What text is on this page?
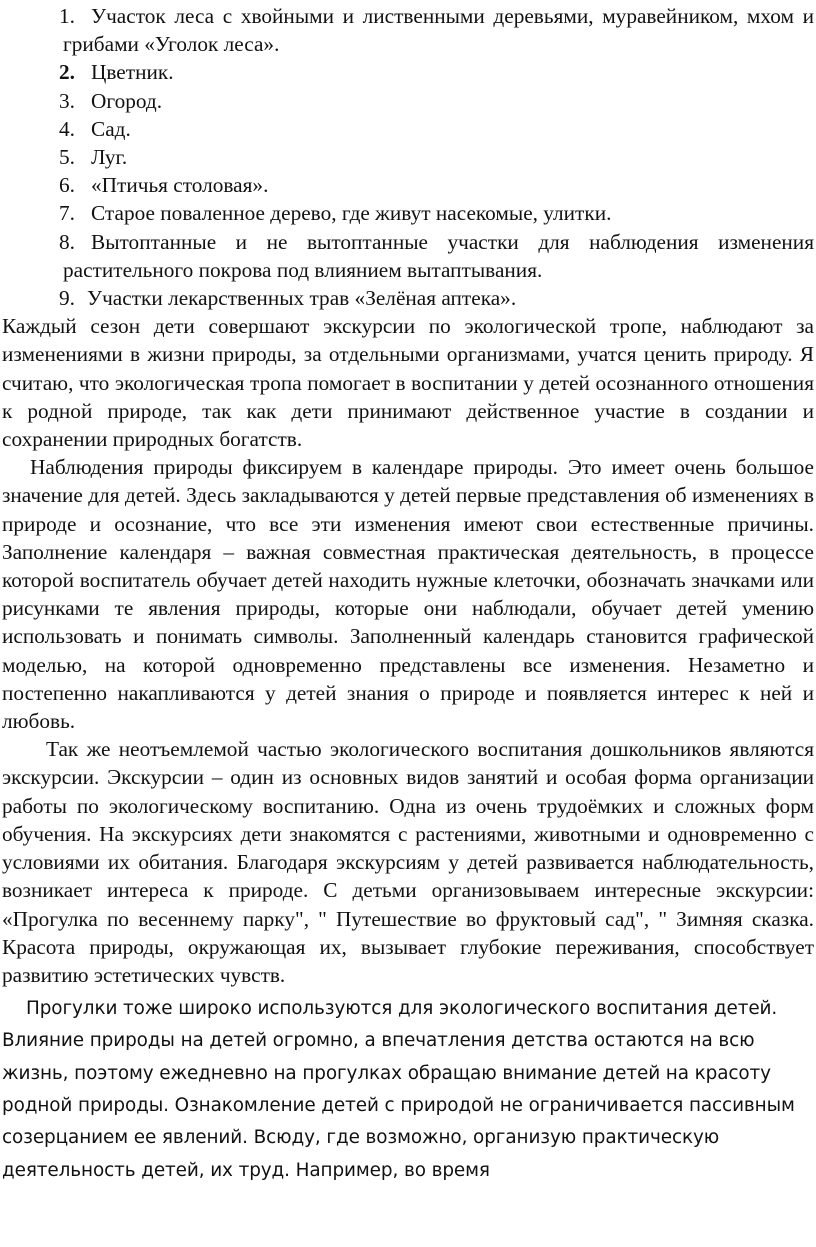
1. Участок леса с хвойными и лиственными деревьями, муравейником, мхом и грибами «Уголок леса».
2. Цветник.
3. Огород.
4. Сад.
5. Луг.
6. «Птичья столовая».
7. Старое поваленное дерево, где живут насекомые, улитки.
8. Вытоптанные и не вытоптанные участки для наблюдения изменения растительного покрова под влиянием вытаптывания.
9. Участки лекарственных трав «Зелёная аптека».

Каждый сезон дети совершают экскурсии по экологической тропе, наблюдают за изменениями в жизни природы, за отдельными организмами, учатся ценить природу. Я считаю, что экологическая тропа помогает в воспитании у детей осознанного отношения к родной природе, так как дети принимают действенное участие в создании и сохранении природных богатств.

Наблюдения природы фиксируем в календаре природы. Это имеет очень большое значение для детей. Здесь закладываются у детей первые представления об изменениях в природе и осознание, что все эти изменения имеют свои естественные причины. Заполнение календаря – важная совместная практическая деятельность, в процессе которой воспитатель обучает детей находить нужные клеточки, обозначать значками или рисунками те явления природы, которые они наблюдали, обучает детей умению использовать и понимать символы. Заполненный календарь становится графической моделью, на которой одновременно представлены все изменения. Незаметно и постепенно накапливаются у детей знания о природе и появляется интерес к ней и любовь.

Так же неотъемлемой частью экологического воспитания дошкольников являются экскурсии. Экскурсии – один из основных видов занятий и особая форма организации работы по экологическому воспитанию. Одна из очень трудоёмких и сложных форм обучения. На экскурсиях дети знакомятся с растениями, животными и одновременно с условиями их обитания. Благодаря экскурсиям у детей развивается наблюдательность, возникает интереса к природе. С детьми организовываем интересные экскурсии: «Прогулка по весеннему парку", " Путешествие во фруктовый сад", " Зимняя сказка. Красота природы, окружающая их, вызывает глубокие переживания, способствует развитию эстетических чувств.

Прогулки тоже широко используются для экологического воспитания детей. Влияние природы на детей огромно, а впечатления детства остаются на всю жизнь, поэтому ежедневно на прогулках обращаю внимание детей на красоту родной природы. Ознакомление детей с природой не ограничивается пассивным созерцанием ее явлений. Всюду, где возможно, организую практическую деятельность детей, их труд. Например, во время
